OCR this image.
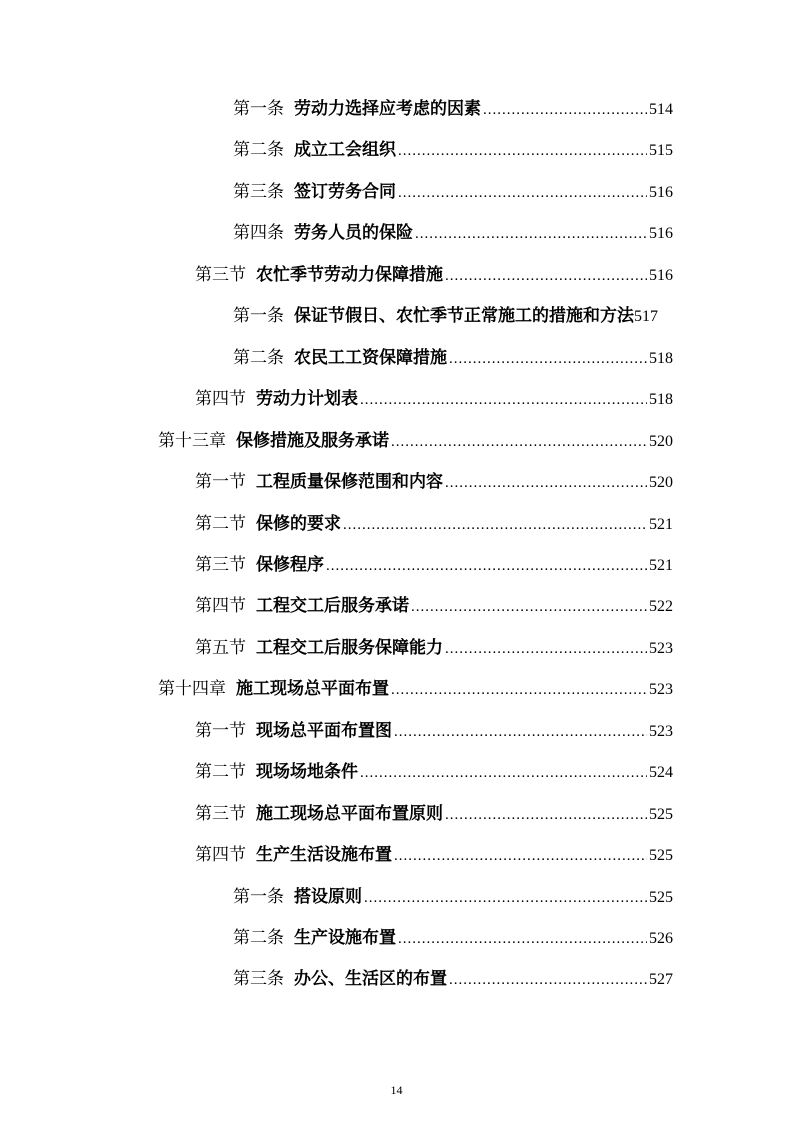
第一条 劳动力选择应考虑的因素 .....	514
第二条 成立工会组织 .....	515
第三条 签订劳务合同 .....	516
第四条 劳务人员的保险 .....	516
第三节 农忙季节劳动力保障措施 .....	516
第一条 保证节假日、农忙季节正常施工的措施和方法 517
第二条 农民工工资保障措施 .....	518
第四节 劳动力计划表 .....	518
第十三章 保修措施及服务承诺 .....	520
第一节 工程质量保修范围和内容 .....	520
第二节 保修的要求 .....	521
第三节 保修程序 .....	521
第四节 工程交工后服务承诺 .....	522
第五节 工程交工后服务保障能力 .....	523
第十四章 施工现场总平面布置 .....	523
第一节 现场总平面布置图 .....	523
第二节 现场场地条件 .....	524
第三节 施工现场总平面布置原则 .....	525
第四节 生产生活设施布置 .....	525
第一条 搭设原则 .....	525
第二条 生产设施布置 .....	526
第三条 办公、生活区的布置 .....	527
14
